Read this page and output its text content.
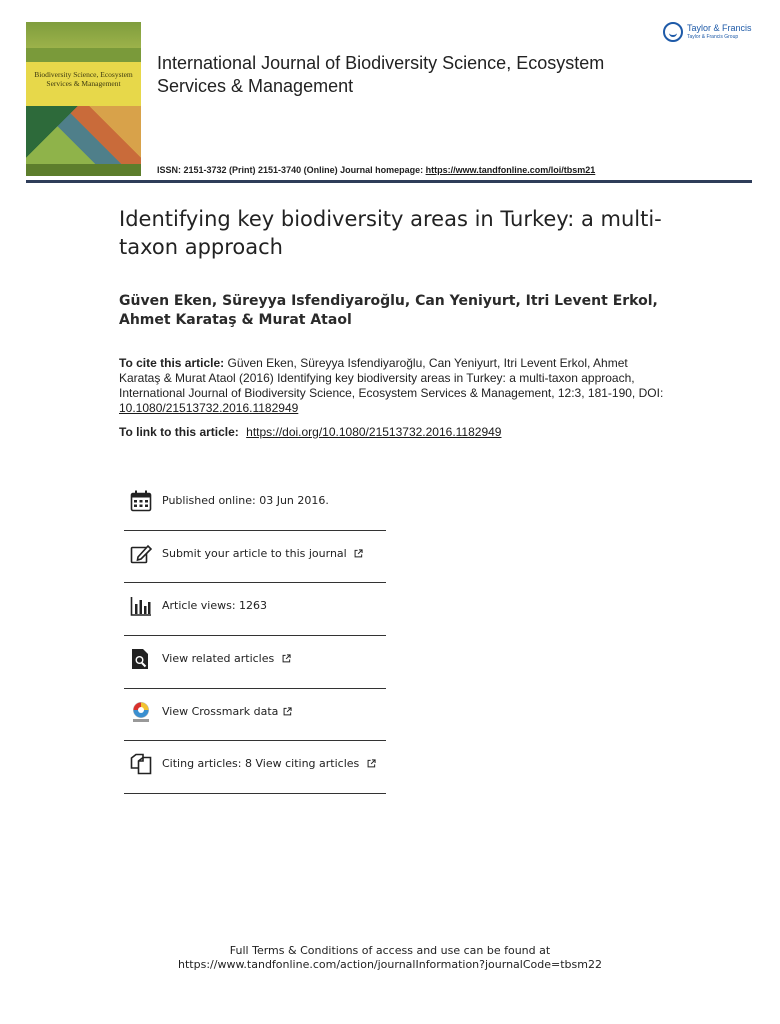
Biodiversity Science, Ecosystem Services & Management
International Journal of Biodiversity Science, Ecosystem Services & Management
Taylor & Francis
Taylor & Francis Group
ISSN: 2151-3732 (Print) 2151-3740 (Online) Journal homepage: https://www.tandfonline.com/loi/tbsm21
Identifying key biodiversity areas in Turkey: a multi-taxon approach
Güven Eken, Süreyya Isfendiyaroğlu, Can Yeniyurt, Itri Levent Erkol, Ahmet Karataş & Murat Ataol
To cite this article: Güven Eken, Süreyya Isfendiyaroğlu, Can Yeniyurt, Itri Levent Erkol, Ahmet Karataş & Murat Ataol (2016) Identifying key biodiversity areas in Turkey: a multi-taxon approach, International Journal of Biodiversity Science, Ecosystem Services & Management, 12:3, 181-190, DOI: 10.1080/21513732.2016.1182949
To link to this article: https://doi.org/10.1080/21513732.2016.1182949
Published online: 03 Jun 2016.
Submit your article to this journal
Article views: 1263
View related articles
View Crossmark data
Citing articles: 8 View citing articles
Full Terms & Conditions of access and use can be found at
https://www.tandfonline.com/action/journalInformation?journalCode=tbsm22
